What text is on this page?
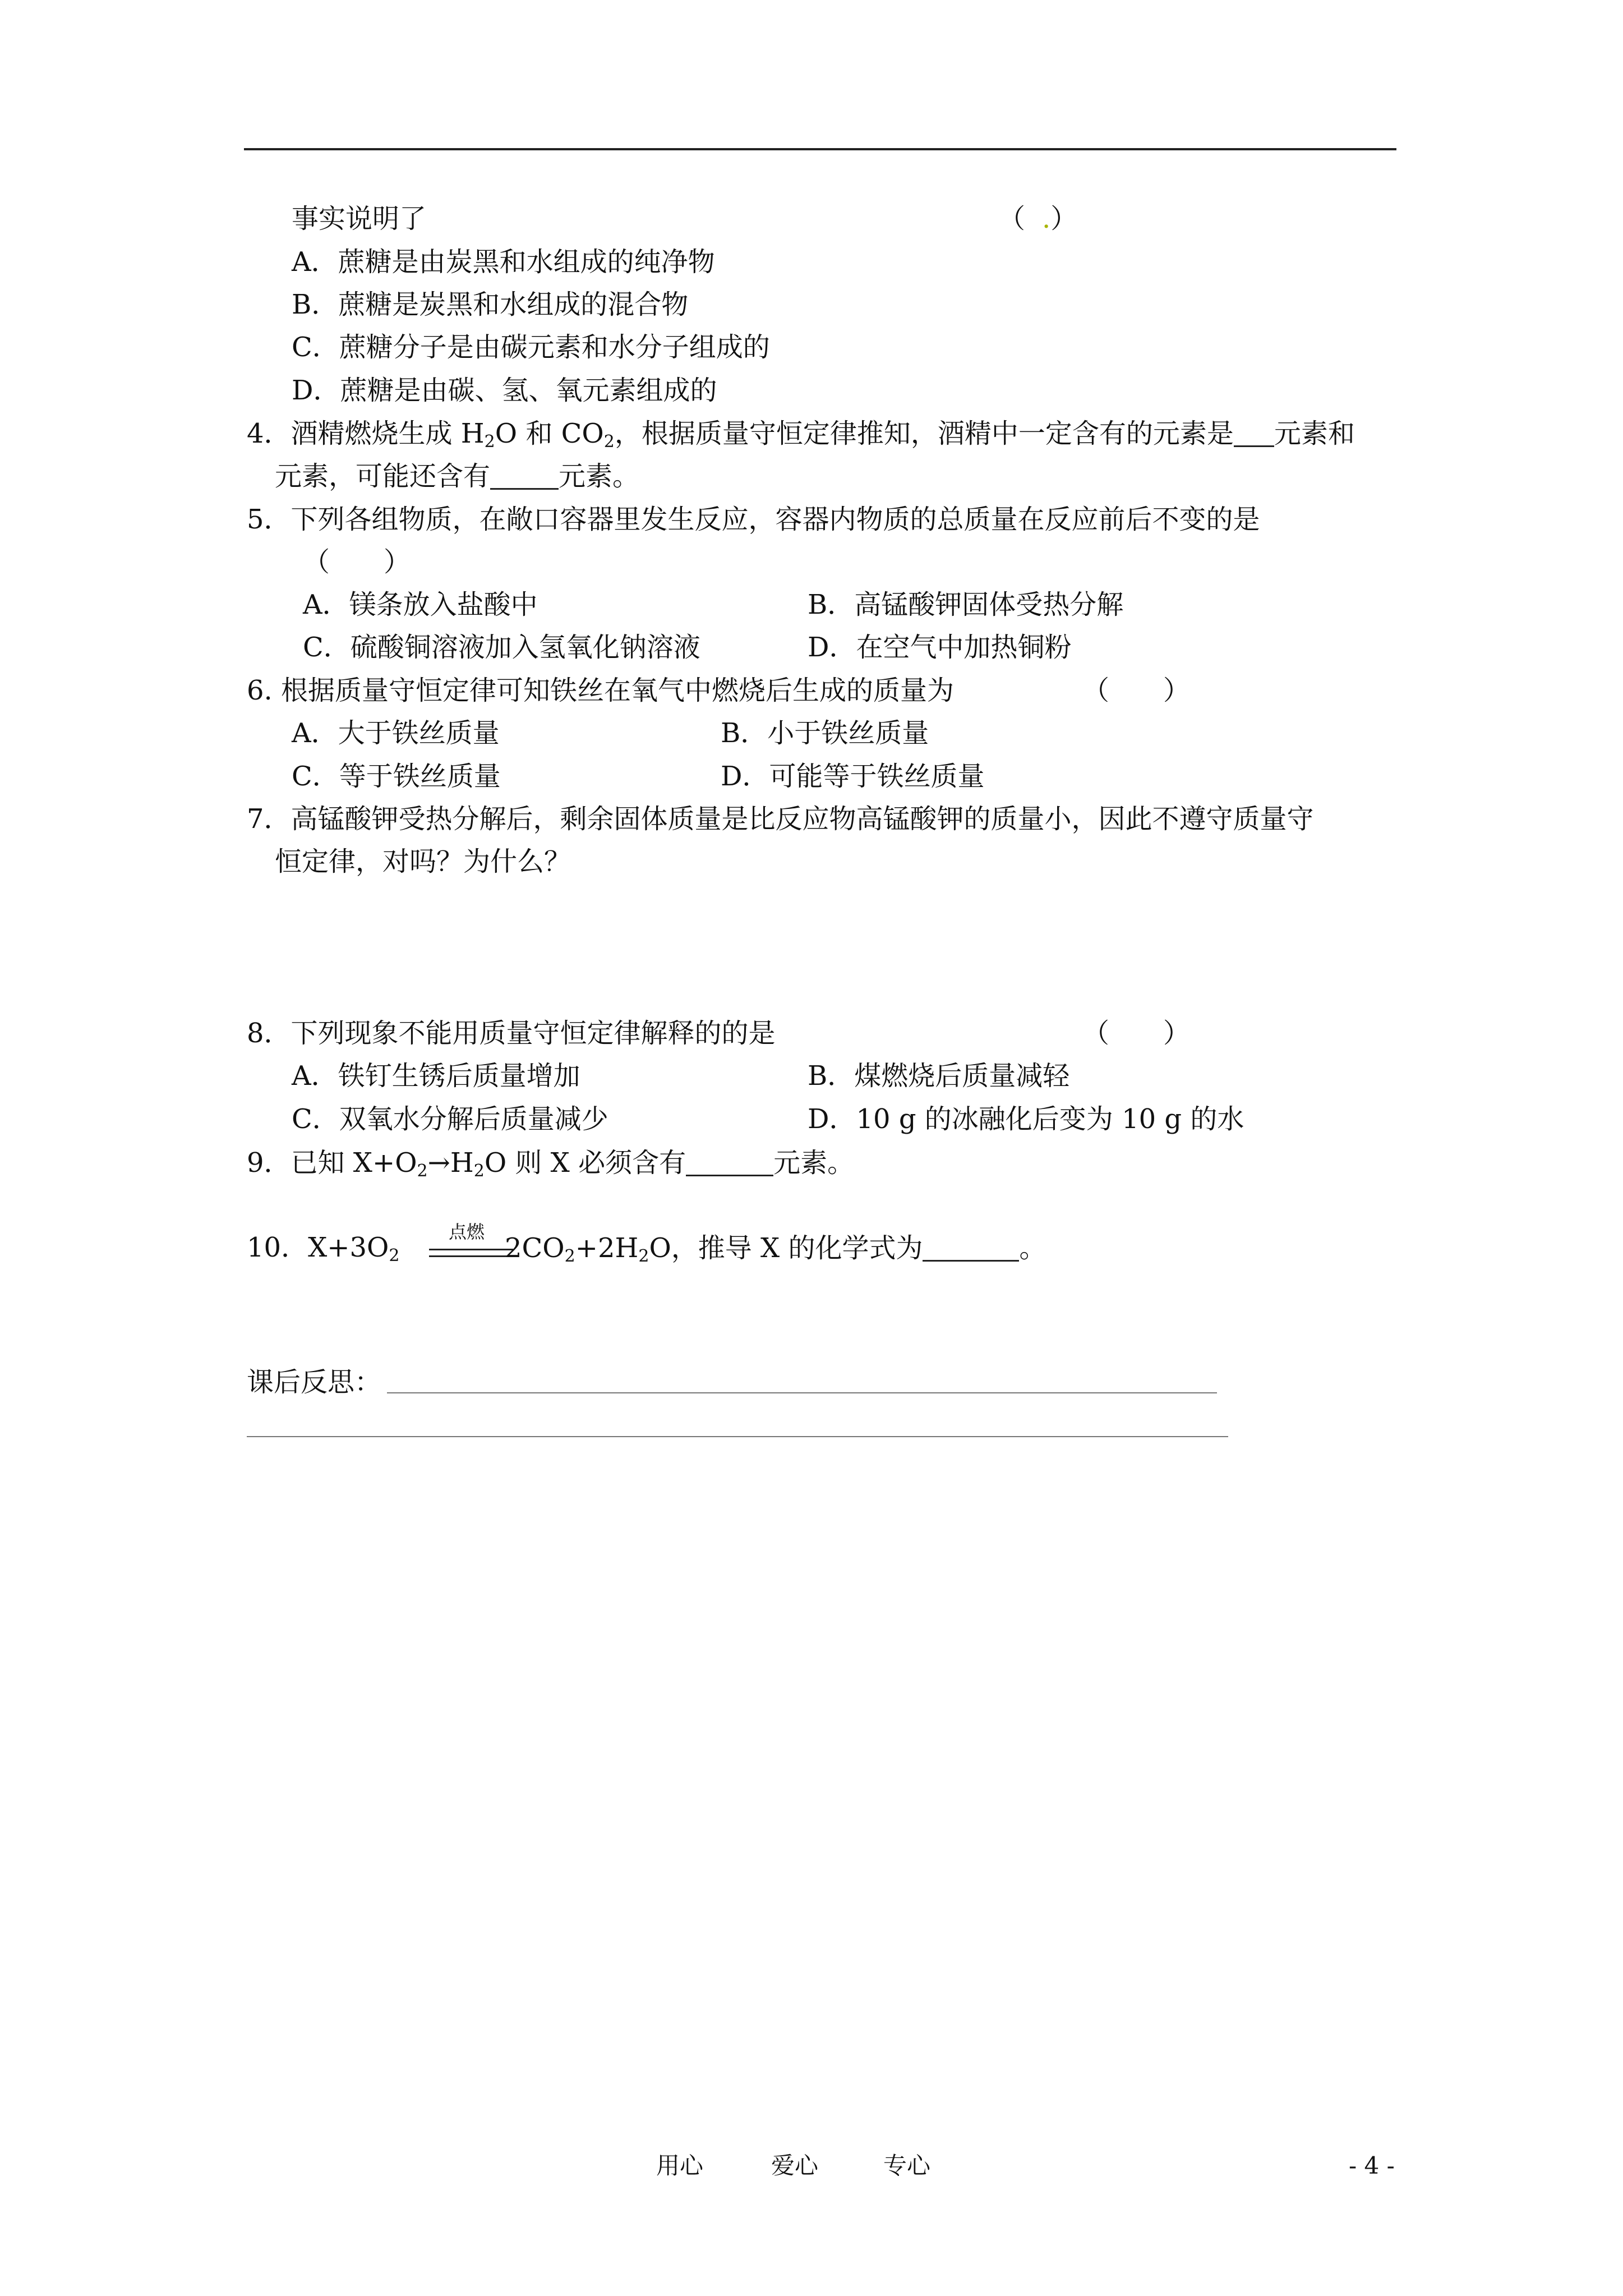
事实说明了	（ .）
A．蔗糖是由炭黑和水组成的纯净物
B．蔗糖是炭黑和水组成的混合物
C．蔗糖分子是由碳元素和水分子组成的
D．蔗糖是由碳、氢、氧元素组成的
4．酒精燃烧生成 $H_2O$ 和 $CO_2$，根据质量守恒定律推知，酒精中一定含有的元素是 元素和
元素，可能还含有	元素。
5．下列各组物质，在敞口容器里发生反应，容器内物质的总质量在反应前后不变的是
（　　）
A．镁条放入盐酸中	B．高锰酸钾固体受热分解
C．硫酸铜溶液加入氢氧化钠溶液	D．在空气中加热铜粉
6. 根据质量守恒定律可知铁丝在氧气中燃烧后生成的质量为	（　　）
A．大于铁丝质量	B．小于铁丝质量
C．等于铁丝质量	D．可能等于铁丝质量
7．高锰酸钾受热分解后，剩余固体质量是比反应物高锰酸钾的质量小，因此不遵守质量守
恒定律，对吗？为什么？
8．下列现象不能用质量守恒定律解释的的是	（　　）
A．铁钉生锈后质量增加	B．煤燃烧后质量减轻
C．双氧水分解后质量减少	D．10 g 的冰融化后变为 10 g 的水
9．已知 $X+O_2\to H_2O$ 则 X 必须含有	元素。
10．$X+3O_2$
点燃
$2CO_2+2H_2O$，推导 X 的化学式为	。
课后反思：
用心	爱心	专心	- 4 -
